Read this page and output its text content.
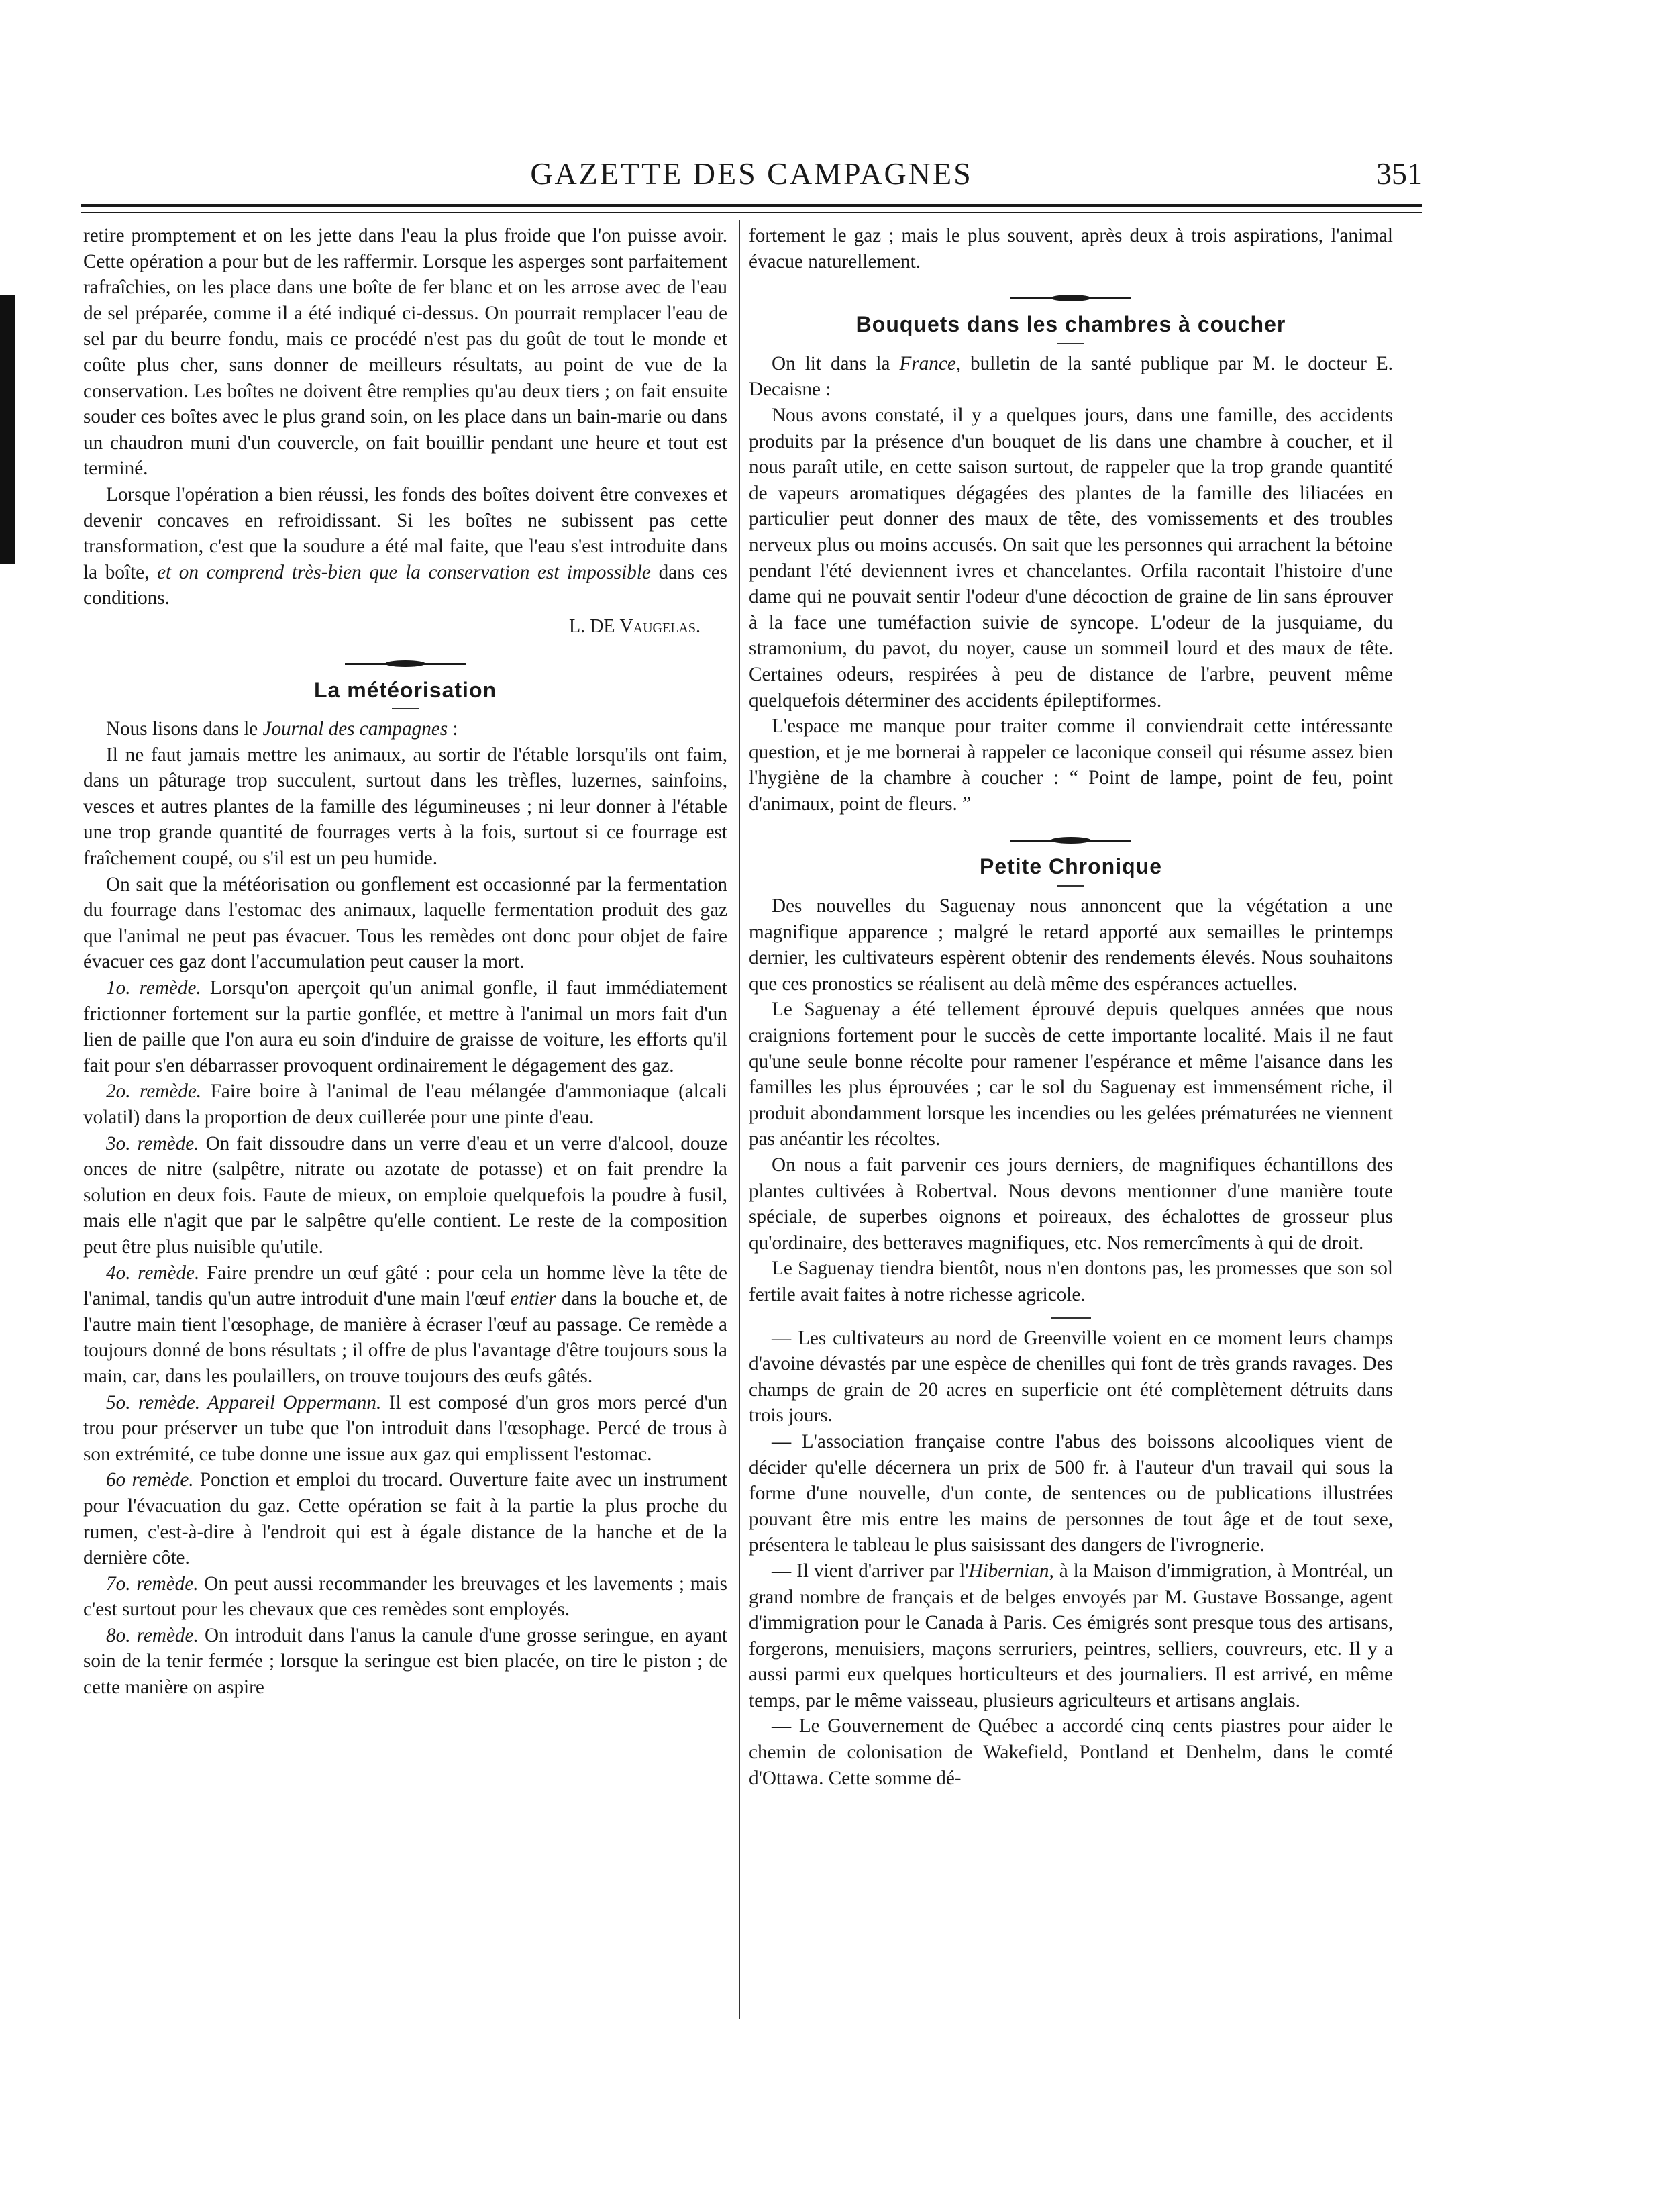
GAZETTE DES CAMPAGNES	351

retire promptement et on les jette dans l'eau la plus froide que l'on puisse avoir. Cette opération a pour but de les raffermir. Lorsque les asperges sont parfaitement rafraîchies, on les place dans une boîte de fer blanc et on les arrose avec de l'eau de sel préparée, comme il a été indiqué ci-dessus. On pourrait remplacer l'eau de sel par du beurre fondu, mais ce procédé n'est pas du goût de tout le monde et coûte plus cher, sans donner de meilleurs résultats, au point de vue de la conservation. Les boîtes ne doivent être remplies qu'au deux tiers ; on fait ensuite souder ces boîtes avec le plus grand soin, on les place dans un bain-marie ou dans un chaudron muni d'un couvercle, on fait bouillir pendant une heure et tout est terminé.

Lorsque l'opération a bien réussi, les fonds des boîtes doivent être convexes et devenir concaves en refroidissant. Si les boîtes ne subissent pas cette transformation, c'est que la soudure a été mal faite, que l'eau s'est introduite dans la boîte, et on comprend très-bien que la conservation est impossible dans ces conditions.

L. DE Vaugelas.
La météorisation

Nous lisons dans le Journal des campagnes :

Il ne faut jamais mettre les animaux, au sortir de l'étable lorsqu'ils ont faim, dans un pâturage trop succulent, surtout dans les trèfles, luzernes, sainfoins, vesces et autres plantes de la famille des légumineuses ; ni leur donner à l'étable une trop grande quantité de fourrages verts à la fois, surtout si ce fourrage est fraîchement coupé, ou s'il est un peu humide.

On sait que la météorisation ou gonflement est occasionné par la fermentation du fourrage dans l'estomac des animaux, laquelle fermentation produit des gaz que l'animal ne peut pas évacuer. Tous les remèdes ont donc pour objet de faire évacuer ces gaz dont l'accumulation peut causer la mort.

1o. remède. Lorsqu'on aperçoit qu'un animal gonfle, il faut immédiatement frictionner fortement sur la partie gonflée, et mettre à l'animal un mors fait d'un lien de paille que l'on aura eu soin d'induire de graisse de voiture, les efforts qu'il fait pour s'en débarrasser provoquent ordinairement le dégagement des gaz.

2o. remède. Faire boire à l'animal de l'eau mélangée d'ammoniaque (alcali volatil) dans la proportion de deux cuillerée pour une pinte d'eau.

3o. remède. On fait dissoudre dans un verre d'eau et un verre d'alcool, douze onces de nitre (salpêtre, nitrate ou azotate de potasse) et on fait prendre la solution en deux fois. Faute de mieux, on emploie quelquefois la poudre à fusil, mais elle n'agit que par le salpêtre qu'elle contient. Le reste de la composition peut être plus nuisible qu'utile.

4o. remède. Faire prendre un œuf gâté : pour cela un homme lève la tête de l'animal, tandis qu'un autre introduit d'une main l'œuf entier dans la bouche et, de l'autre main tient l'œsophage, de manière à écraser l'œuf au passage. Ce remède a toujours donné de bons résultats ; il offre de plus l'avantage d'être toujours sous la main, car, dans les poulaillers, on trouve toujours des œufs gâtés.

5o. remède. Appareil Oppermann. Il est composé d'un gros mors percé d'un trou pour préserver un tube que l'on introduit dans l'œsophage. Percé de trous à son extrémité, ce tube donne une issue aux gaz qui emplissent l'estomac.

6o remède. Ponction et emploi du trocard. Ouverture faite avec un instrument pour l'évacuation du gaz. Cette opération se fait à la partie la plus proche du rumen, c'est-à-dire à l'endroit qui est à égale distance de la hanche et de la dernière côte.

7o. remède. On peut aussi recommander les breuvages et les lavements ; mais c'est surtout pour les chevaux que ces remèdes sont employés.

8o. remède. On introduit dans l'anus la canule d'une grosse seringue, en ayant soin de la tenir fermée ; lorsque la seringue est bien placée, on tire le piston ; de cette manière on aspire

fortement le gaz ; mais le plus souvent, après deux à trois aspirations, l'animal évacue naturellement.

Bouquets dans les chambres à coucher

On lit dans la France, bulletin de la santé publique par M. le docteur E. Decaisne :

Nous avons constaté, il y a quelques jours, dans une famille, des accidents produits par la présence d'un bouquet de lis dans une chambre à coucher, et il nous paraît utile, en cette saison surtout, de rappeler que la trop grande quantité de vapeurs aromatiques dégagées des plantes de la famille des liliacées en particulier peut donner des maux de tête, des vomissements et des troubles nerveux plus ou moins accusés. On sait que les personnes qui arrachent la bétoine pendant l'été deviennent ivres et chancelantes. Orfila racontait l'histoire d'une dame qui ne pouvait sentir l'odeur d'une décoction de graine de lin sans éprouver à la face une tuméfaction suivie de syncope. L'odeur de la jusquiame, du stramonium, du pavot, du noyer, cause un sommeil lourd et des maux de tête. Certaines odeurs, respirées à peu de distance de l'arbre, peuvent même quelquefois déterminer des accidents épileptiformes.

L'espace me manque pour traiter comme il conviendrait cette intéressante question, et je me bornerai à rappeler ce laconique conseil qui résume assez bien l'hygiène de la chambre à coucher : “ Point de lampe, point de feu, point d'animaux, point de fleurs. ”

Petite Chronique

Des nouvelles du Saguenay nous annoncent que la végétation a une magnifique apparence ; malgré le retard apporté aux semailles le printemps dernier, les cultivateurs espèrent obtenir des rendements élevés. Nous souhaitons que ces pronostics se réalisent au delà même des espérances actuelles.

Le Saguenay a été tellement éprouvé depuis quelques années que nous craignions fortement pour le succès de cette importante localité. Mais il ne faut qu'une seule bonne récolte pour ramener l'espérance et même l'aisance dans les familles les plus éprouvées ; car le sol du Saguenay est immensément riche, il produit abondamment lorsque les incendies ou les gelées prématurées ne viennent pas anéantir les récoltes.

On nous a fait parvenir ces jours derniers, de magnifiques échantillons des plantes cultivées à Robertval. Nous devons mentionner d'une manière toute spéciale, de superbes oignons et poireaux, des échalottes de grosseur plus qu'ordinaire, des betteraves magnifiques, etc. Nos remercîments à qui de droit.

Le Saguenay tiendra bientôt, nous n'en dontons pas, les promesses que son sol fertile avait faites à notre richesse agricole.

— Les cultivateurs au nord de Greenville voient en ce moment leurs champs d'avoine dévastés par une espèce de chenilles qui font de très grands ravages. Des champs de grain de 20 acres en superficie ont été complètement détruits dans trois jours.

— L'association française contre l'abus des boissons alcooliques vient de décider qu'elle décernera un prix de 500 fr. à l'auteur d'un travail qui sous la forme d'une nouvelle, d'un conte, de sentences ou de publications illustrées pouvant être mis entre les mains de personnes de tout âge et de tout sexe, présentera le tableau le plus saisissant des dangers de l'ivrognerie.

— Il vient d'arriver par l'Hibernian, à la Maison d'immigration, à Montréal, un grand nombre de français et de belges envoyés par M. Gustave Bossange, agent d'immigration pour le Canada à Paris. Ces émigrés sont presque tous des artisans, forgerons, menuisiers, maçons serruriers, peintres, selliers, couvreurs, etc. Il y a aussi parmi eux quelques horticulteurs et des journaliers. Il est arrivé, en même temps, par le même vaisseau, plusieurs agriculteurs et artisans anglais.

— Le Gouvernement de Québec a accordé cinq cents piastres pour aider le chemin de colonisation de Wakefield, Pontland et Denhelm, dans le comté d'Ottawa. Cette somme dé-
